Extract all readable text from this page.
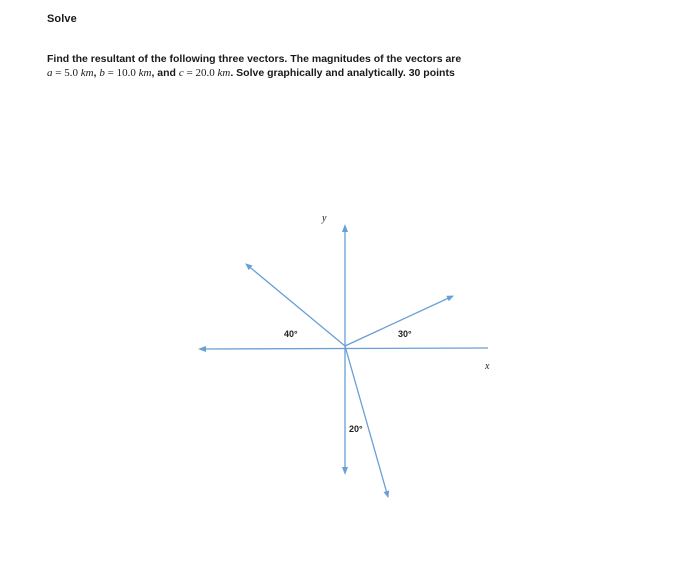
Solve
Find the resultant of the following three vectors. The magnitudes of the vectors are
a = 5.0 km, b = 10.0 km, and c = 20.0 km. Solve graphically and analytically. 30 points
y
x
40°	30°
20°
